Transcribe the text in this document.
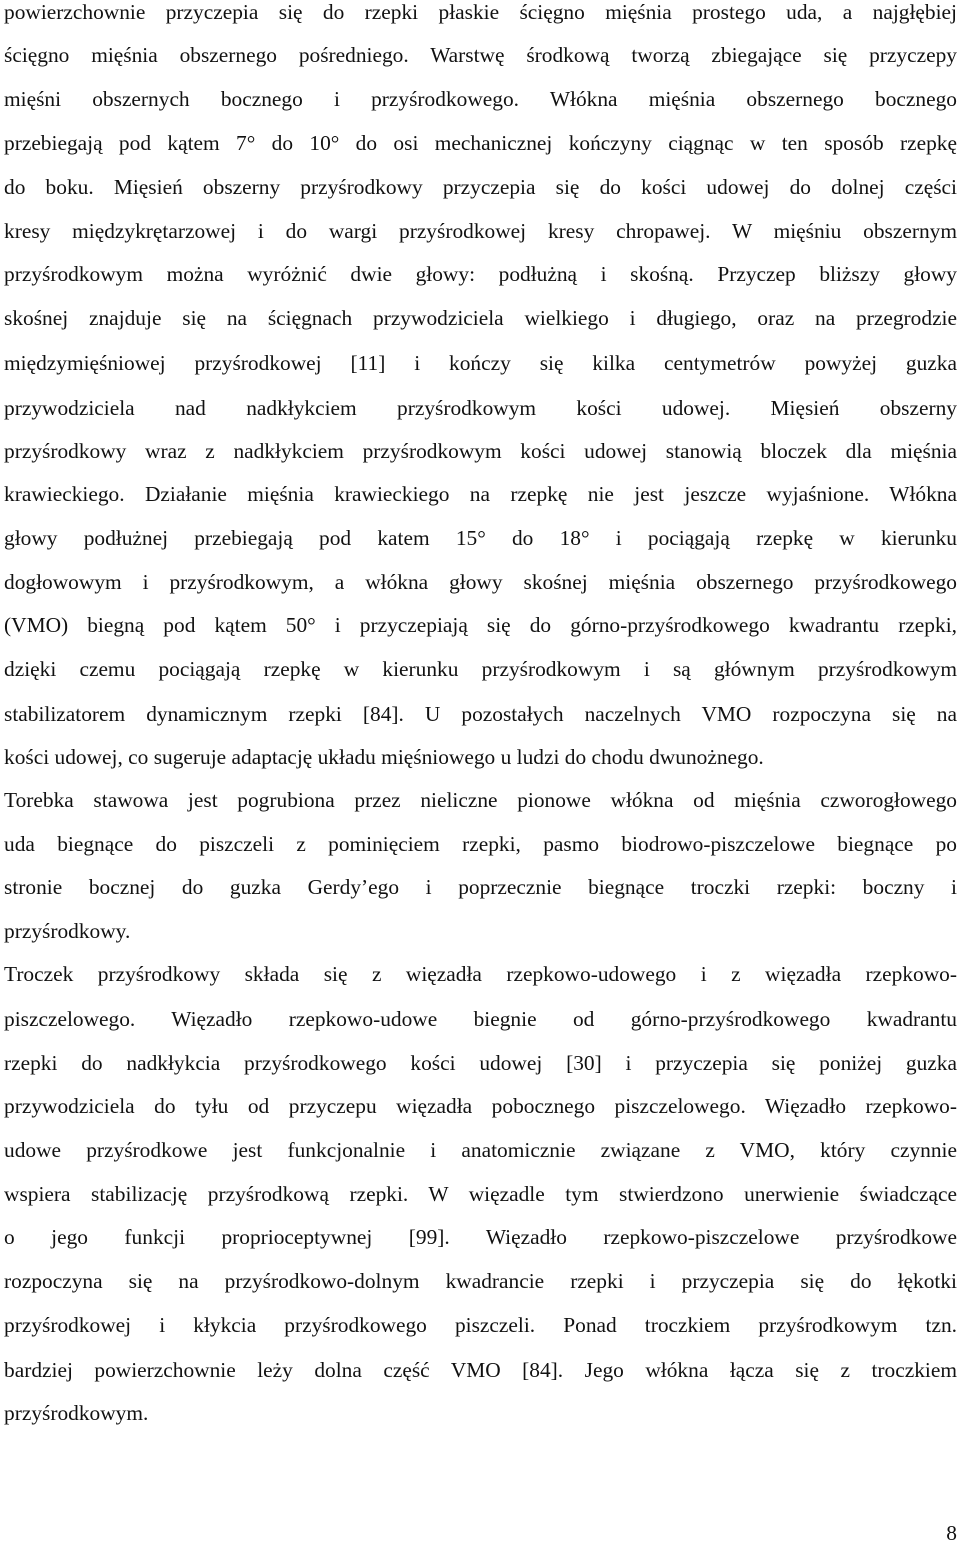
powierzchownie przyczepia się do rzepki płaskie ścięgno mięśnia prostego uda, a najgłębiej
ścięgno mięśnia obszernego pośredniego. Warstwę środkową tworzą zbiegające się przyczepy
mięśni obszernych bocznego i przyśrodkowego. Włókna mięśnia obszernego bocznego
przebiegają pod kątem 7° do 10° do osi mechanicznej kończyny ciągnąc w ten sposób rzepkę
do boku. Mięsień obszerny przyśrodkowy przyczepia się do kości udowej do dolnej części
kresy międzykrętarzowej i do wargi przyśrodkowej kresy chropawej. W mięśniu obszernym
przyśrodkowym można wyróżnić dwie głowy: podłużną i skośną. Przyczep bliższy głowy
skośnej znajduje się na ścięgnach przywodziciela wielkiego i długiego, oraz na przegrodzie
międzymięśniowej przyśrodkowej [11] i kończy się kilka centymetrów powyżej guzka
przywodziciela nad nadkłykciem przyśrodkowym kości udowej. Mięsień obszerny
przyśrodkowy wraz z nadkłykciem przyśrodkowym kości udowej stanowią bloczek dla mięśnia
krawieckiego. Działanie mięśnia krawieckiego na rzepkę nie jest jeszcze wyjaśnione. Włókna
głowy podłużnej przebiegają pod katem 15° do 18° i pociągają rzepkę w kierunku
dogłowowym i przyśrodkowym, a włókna głowy skośnej mięśnia obszernego przyśrodkowego
(VMO) biegną pod kątem 50° i przyczepiają się do górno-przyśrodkowego kwadrantu rzepki,
dzięki czemu pociągają rzepkę w kierunku przyśrodkowym i są głównym przyśrodkowym
stabilizatorem dynamicznym rzepki [84]. U pozostałych naczelnych VMO rozpoczyna się na
kości udowej, co sugeruje adaptację układu mięśniowego u ludzi do chodu dwunożnego.
Torebka stawowa jest pogrubiona przez nieliczne pionowe włókna od mięśnia czworogłowego
uda biegnące do piszczeli z pominięciem rzepki, pasmo biodrowo-piszczelowe biegnące po
stronie bocznej do guzka Gerdy’ego i poprzecznie biegnące troczki rzepki: boczny i
przyśrodkowy.
Troczek przyśrodkowy składa się z więzadła rzepkowo-udowego i z więzadła rzepkowo-
piszczelowego. Więzadło rzepkowo-udowe biegnie od górno-przyśrodkowego kwadrantu
rzepki do nadkłykcia przyśrodkowego kości udowej [30] i przyczepia się poniżej guzka
przywodziciela do tyłu od przyczepu więzadła pobocznego piszczelowego. Więzadło rzepkowo-
udowe przyśrodkowe jest funkcjonalnie i anatomicznie związane z VMO, który czynnie
wspiera stabilizację przyśrodkową rzepki. W więzadle tym stwierdzono unerwienie świadczące
o jego funkcji proprioceptywnej [99]. Więzadło rzepkowo-piszczelowe przyśrodkowe
rozpoczyna się na przyśrodkowo-dolnym kwadrancie rzepki i przyczepia się do łękotki
przyśrodkowej i kłykcia przyśrodkowego piszczeli. Ponad troczkiem przyśrodkowym tzn.
bardziej powierzchownie leży dolna część VMO [84]. Jego włókna łącza się z troczkiem
przyśrodkowym.
8
